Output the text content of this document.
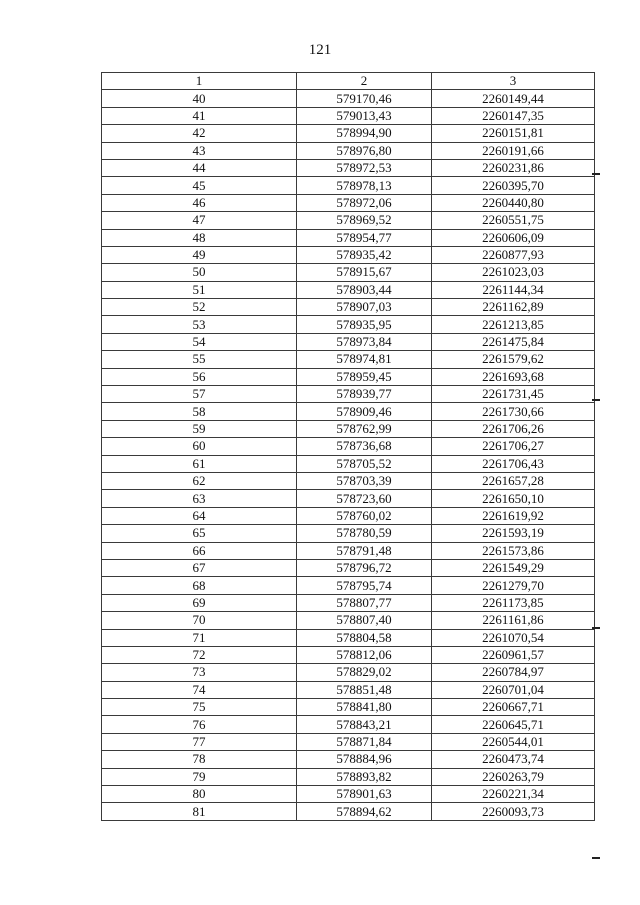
121
1	2	3
40	579170,46	2260149,44
41	579013,43	2260147,35
42	578994,90	2260151,81
43	578976,80	2260191,66
44	578972,53	2260231,86
45	578978,13	2260395,70
46	578972,06	2260440,80
47	578969,52	2260551,75
48	578954,77	2260606,09
49	578935,42	2260877,93
50	578915,67	2261023,03
51	578903,44	2261144,34
52	578907,03	2261162,89
53	578935,95	2261213,85
54	578973,84	2261475,84
55	578974,81	2261579,62
56	578959,45	2261693,68
57	578939,77	2261731,45
58	578909,46	2261730,66
59	578762,99	2261706,26
60	578736,68	2261706,27
61	578705,52	2261706,43
62	578703,39	2261657,28
63	578723,60	2261650,10
64	578760,02	2261619,92
65	578780,59	2261593,19
66	578791,48	2261573,86
67	578796,72	2261549,29
68	578795,74	2261279,70
69	578807,77	2261173,85
70	578807,40	2261161,86
71	578804,58	2261070,54
72	578812,06	2260961,57
73	578829,02	2260784,97
74	578851,48	2260701,04
75	578841,80	2260667,71
76	578843,21	2260645,71
77	578871,84	2260544,01
78	578884,96	2260473,74
79	578893,82	2260263,79
80	578901,63	2260221,34
81	578894,62	2260093,73
